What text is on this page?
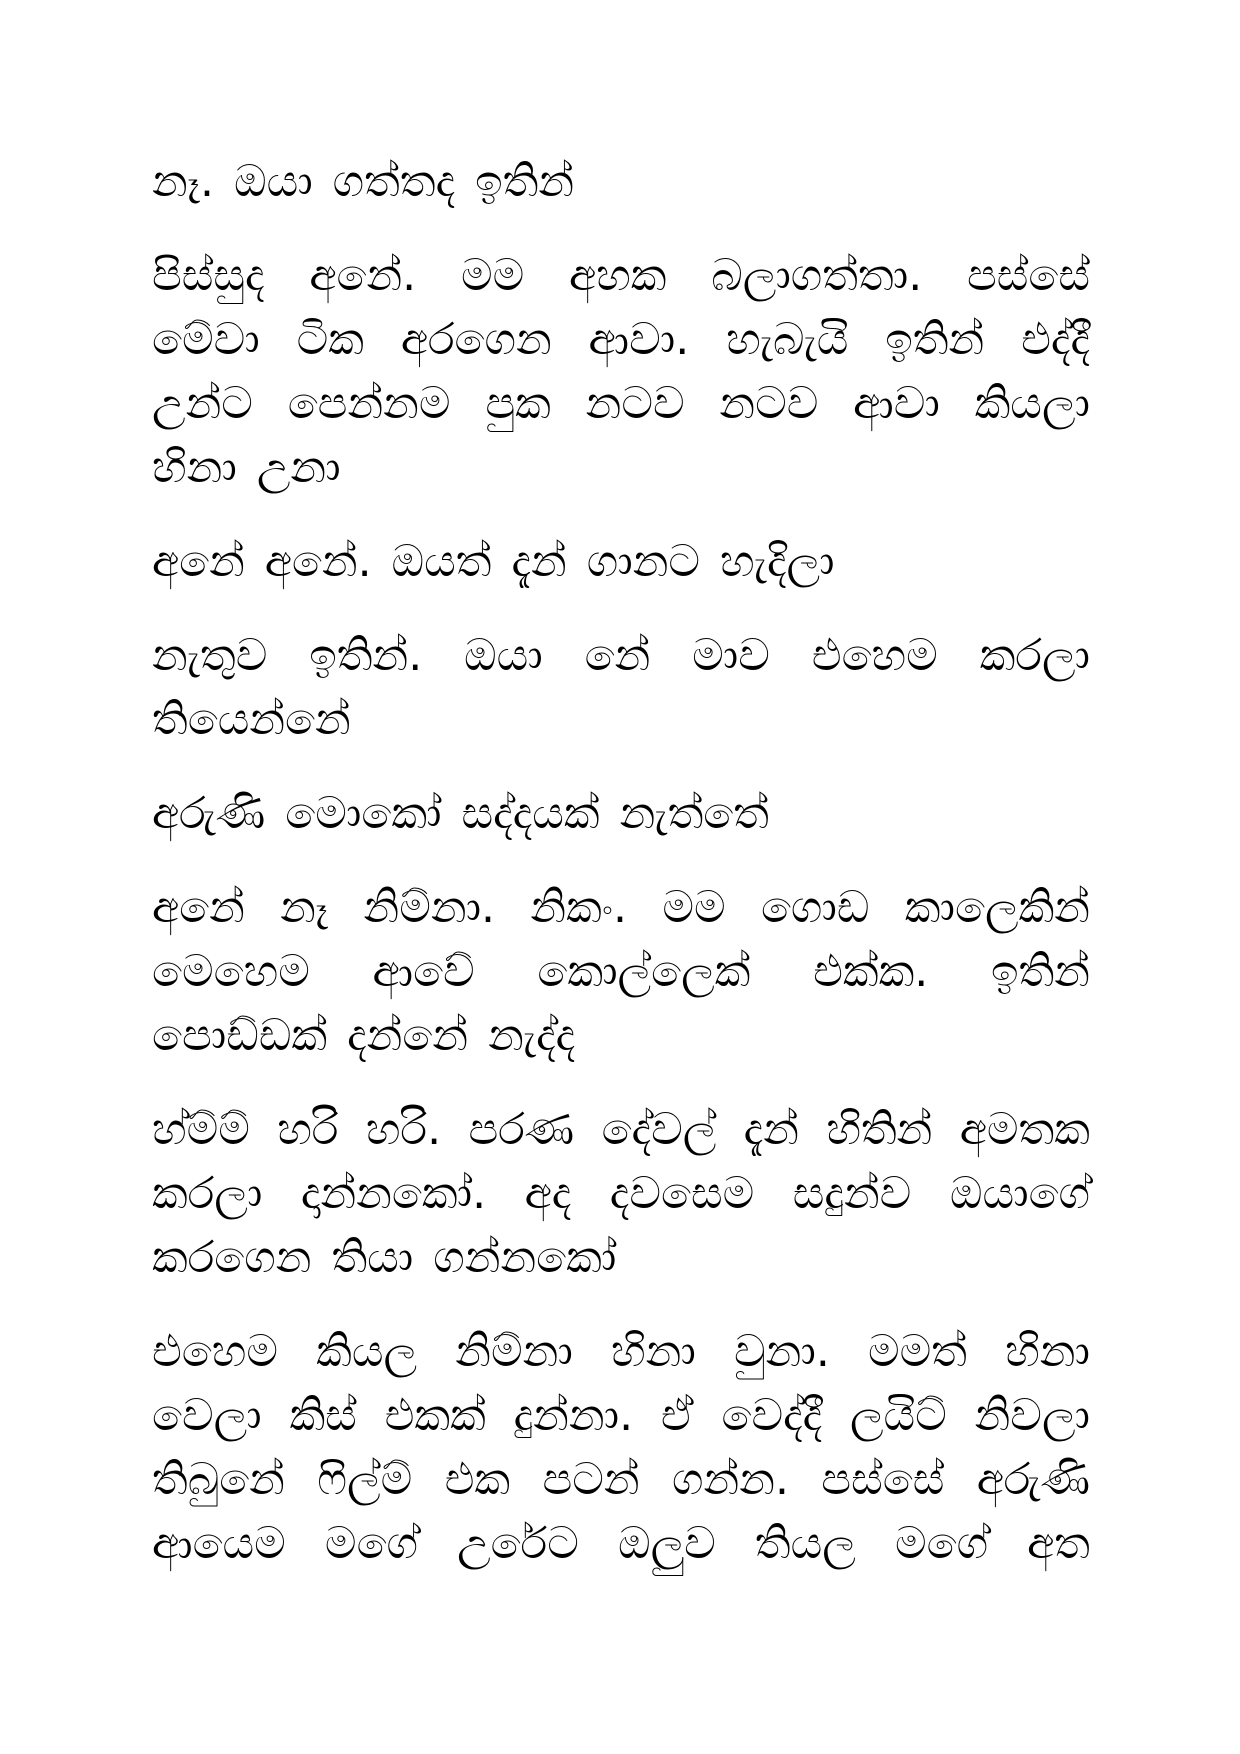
නෑ. ඔයා ගත්තද ඉතින්

පිස්සුද අනේ. මම අහක බලාගත්තා. පස්සේ මේවා ටික අරගෙන ආවා. හැබැයි ඉතින් එද්දී උන්ට පෙන්නම පුක නටව නටව ආවා කියලා හිනා උනා

අනේ අනේ. ඔයත් දැන් ගානට හැදිලා

නැතුව ඉතින්. ඔයා නේ මාව එහෙම කරලා තියෙන්නේ

අරුණි මොකෝ සද්දයක් නැත්තේ

අනේ නෑ නිම්නා. නිකං. මම ගොඩ කාලෙකින් මෙහෙම ආවේ කොල්ලෙක් එක්ක. ඉතින් පොඩ්ඩක් දන්නේ නැද්ද

හ්ම්ම් හරි හරි. පරණ දේවල් දැන් හිතින් අමතක කරලා දාන්නකෝ. අද දවසෙම සදුන්ව ඔයාගේ කරගෙන තියා ගන්නකෝ

එහෙම කියල නිම්නා හිනා වුනා. මමත් හිනා වෙලා කිස් එකක් දුන්නා. ඒ වෙද්දී ලයිට් නිවලා තිබුනේ ෆිල්ම් එක පටන් ගන්න. පස්සේ අරුණි ආයෙම මගේ උරේට ඔලුව තියල මගේ අත
